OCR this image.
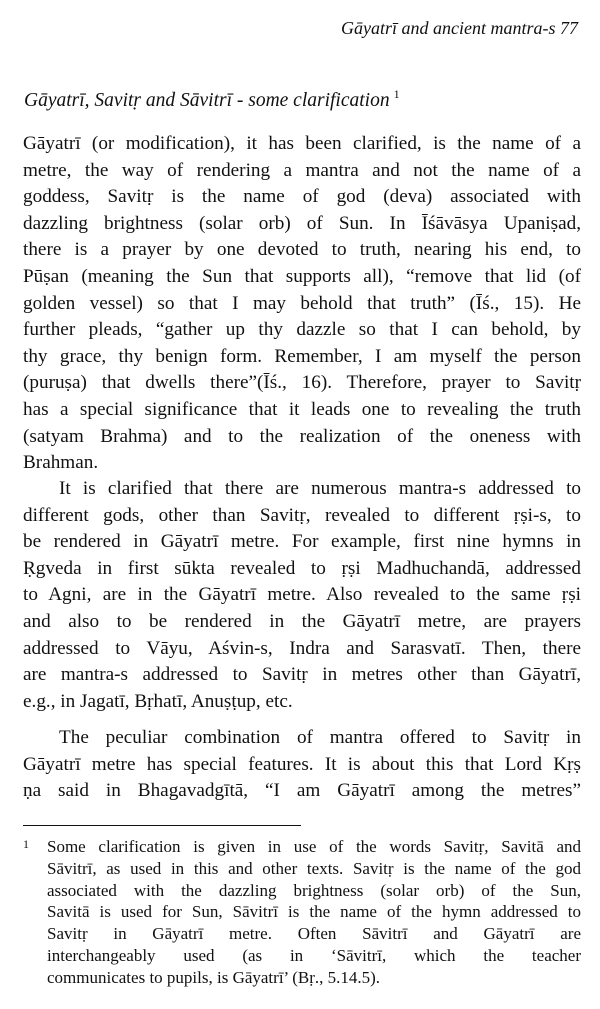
Gāyatrī and ancient mantra-s 77
Gāyatrī, Savitṛ and Sāvitrī - some clarification $^1$
Gāyatrī (or modification), it has been clarified, is the name of a
metre, the way of rendering a mantra and not the name of a
goddess, Savitṛ is the name of god (deva) associated with
dazzling brightness (solar orb) of Sun. In Īśāvāsya Upaniṣad,
there is a prayer by one devoted to truth, nearing his end, to
Pūṣan (meaning the Sun that supports all), “remove that lid (of
golden vessel) so that I may behold that truth” (Īś., 15). He
further pleads, “gather up thy dazzle so that I can behold, by
thy grace, thy benign form. Remember, I am myself the person
(puruṣa) that dwells there”(Īś., 16). Therefore, prayer to Savitṛ
has a special significance that it leads one to revealing the truth
(satyam Brahma) and to the realization of the oneness with
Brahman.
It is clarified that there are numerous mantra-s addressed to
different gods, other than Savitṛ, revealed to different ṛṣi-s, to
be rendered in Gāyatrī metre. For example, first nine hymns in
Ṛgveda in first sūkta revealed to ṛṣi Madhuchandā, addressed
to Agni, are in the Gāyatrī metre. Also revealed to the same ṛṣi
and also to be rendered in the Gāyatrī metre, are prayers
addressed to Vāyu, Aśvin-s, Indra and Sarasvatī. Then, there
are mantra-s addressed to Savitṛ in metres other than Gāyatrī,
e.g., in Jagatī, Bṛhatī, Anuṣṭup, etc.
The peculiar combination of mantra offered to Savitṛ in
Gāyatrī metre has special features. It is about this that Lord Kṛṣ
ṇa said in Bhagavadgītā, “I am Gāyatrī among the metres”
1 Some clarification is given in use of the words Savitṛ, Savitā and
Sāvitrī, as used in this and other texts. Savitṛ is the name of the god
associated with the dazzling brightness (solar orb) of the Sun,
Savitā is used for Sun, Sāvitrī is the name of the hymn addressed to
Savitṛ in Gāyatrī metre. Often Sāvitrī and Gāyatrī are
interchangeably used (as in ‘Sāvitrī, which the teacher
communicates to pupils, is Gāyatrī’ (Bṛ., 5.14.5).
